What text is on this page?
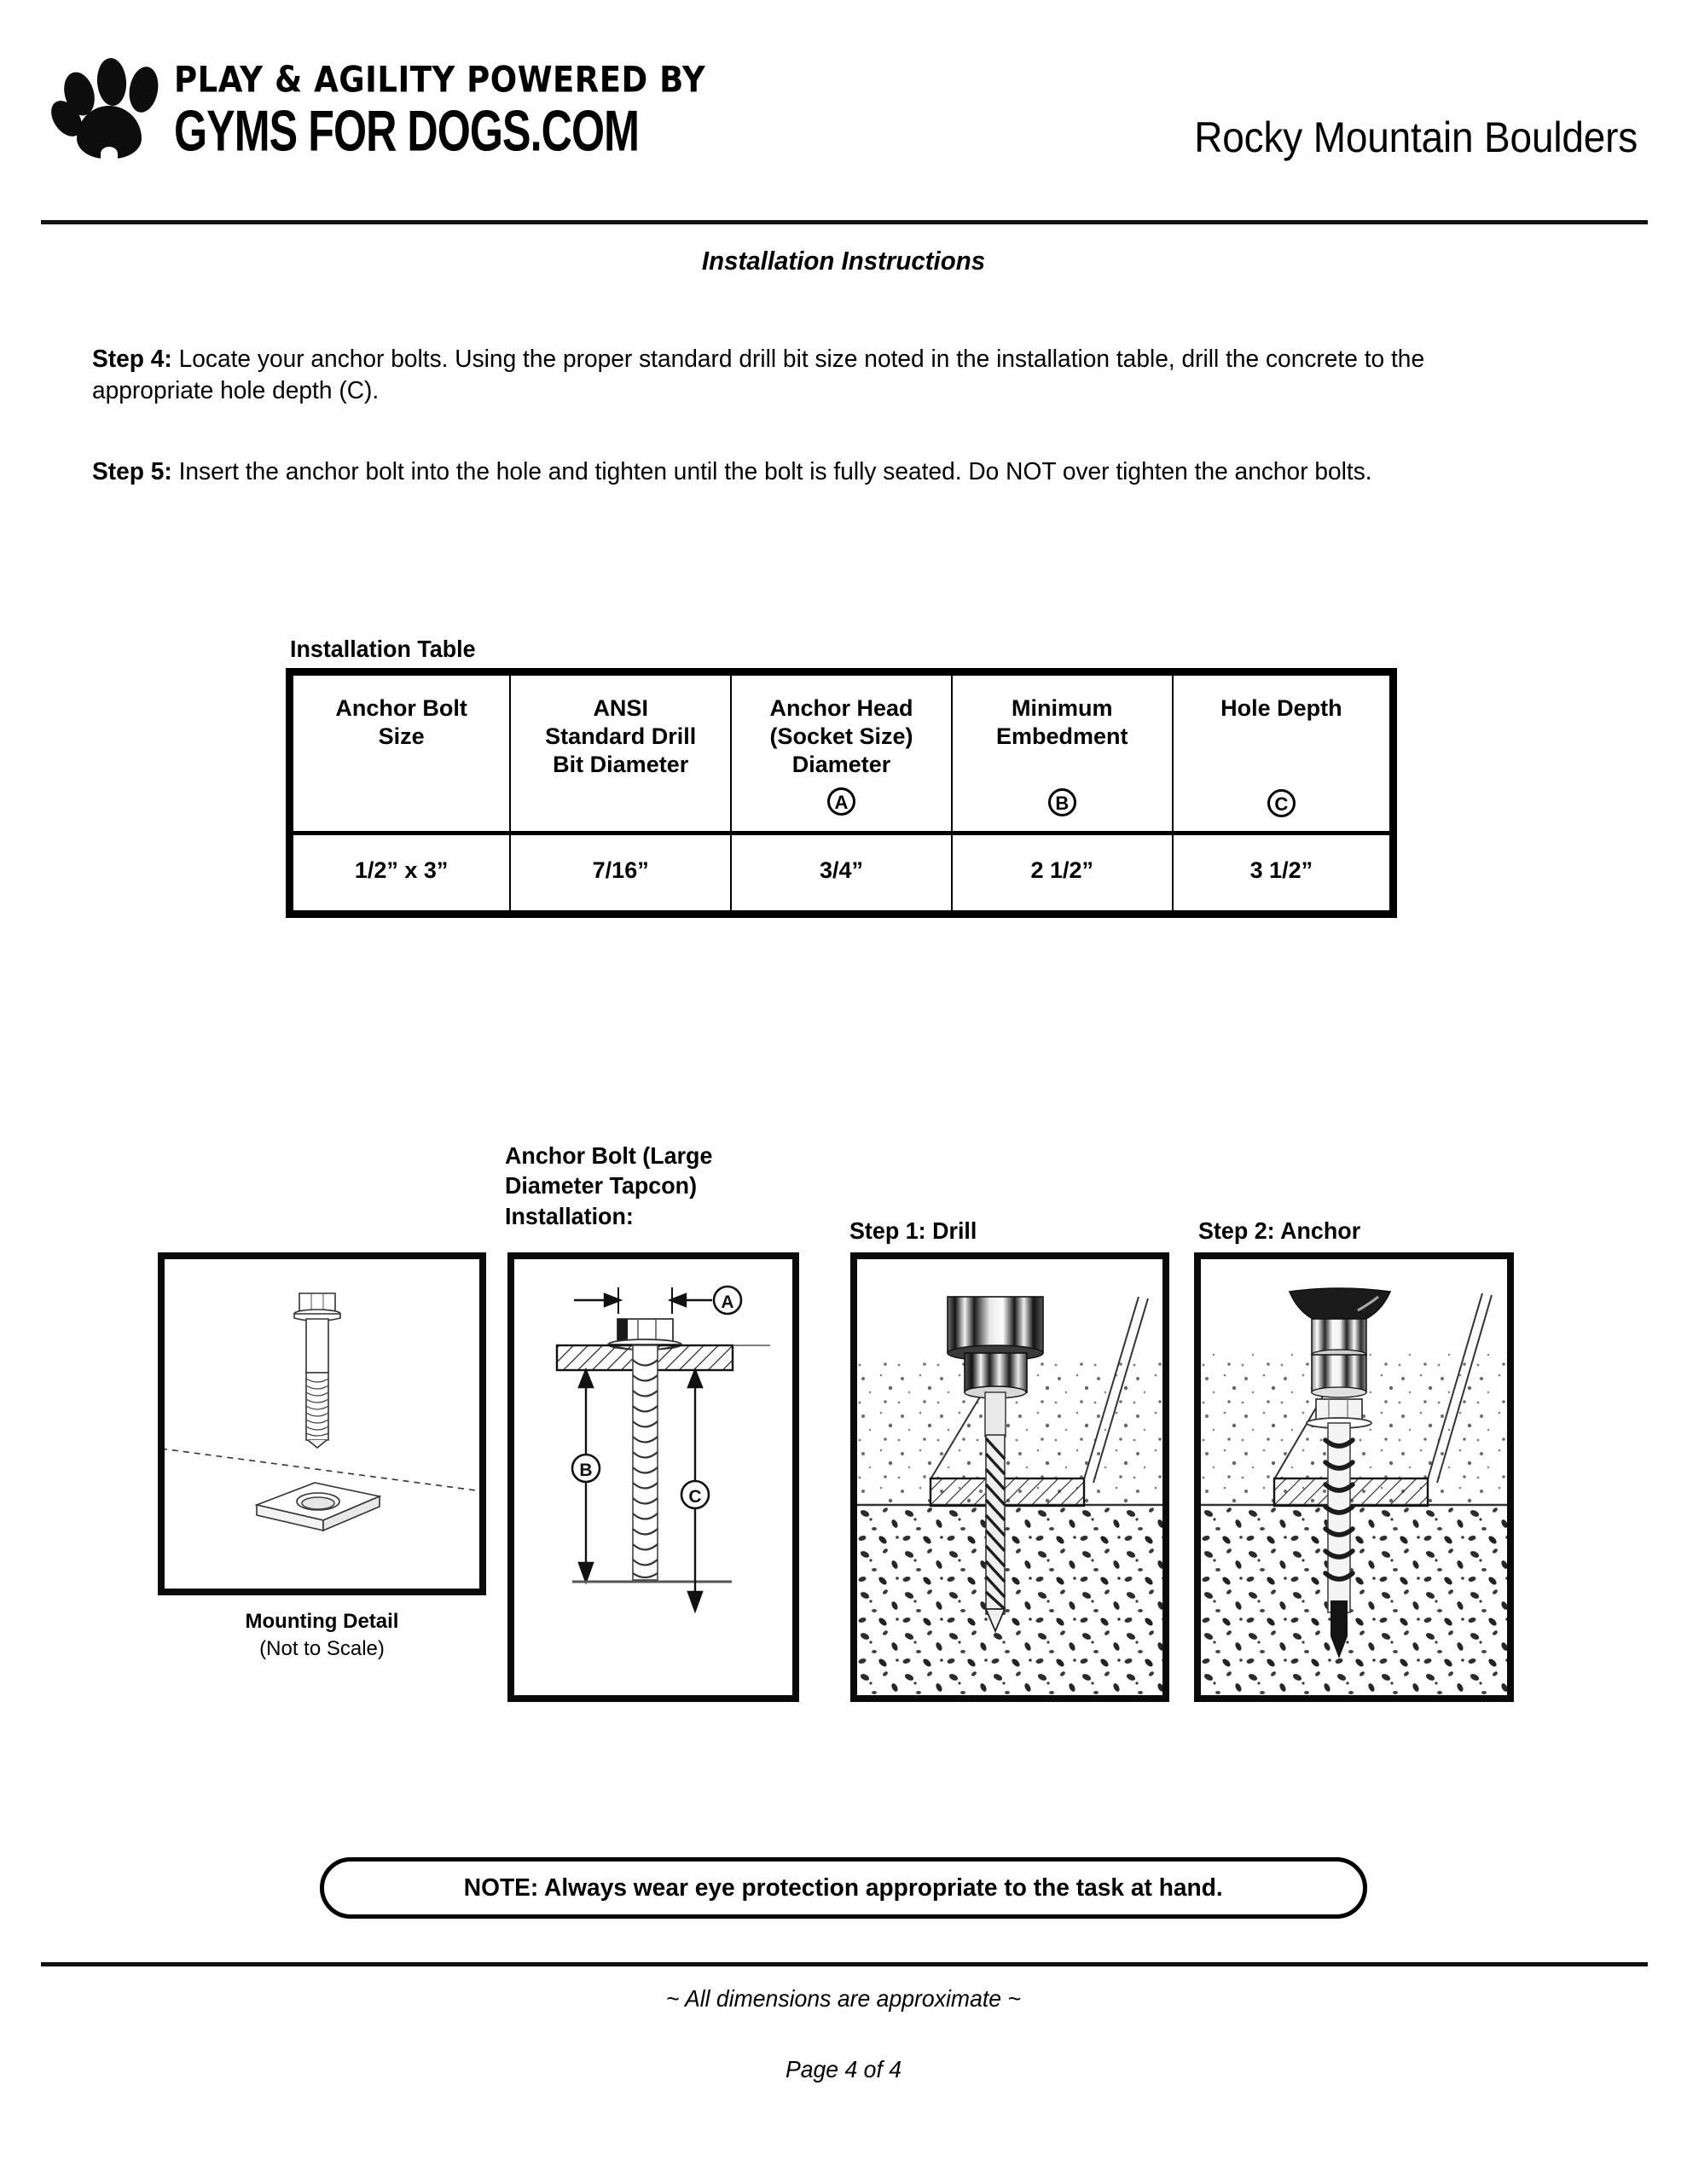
PLAY & AGILITY POWERED BY
GYMS FOR DOGS.COM	Rocky Mountain Boulders
Installation Instructions

Step 4: Locate your anchor bolts. Using the proper standard drill bit size noted in the installation table, drill the concrete to the appropriate hole depth (C).

Step 5: Insert the anchor bolt into the hole and tighten until the bolt is fully seated. Do NOT over tighten the anchor bolts.

Installation Table
Anchor Bolt
Size	ANSI
Standard Drill
Bit Diameter	Anchor Head
(Socket Size)
Diameter
A	Minimum
Embedment
B	Hole Depth
C
1/2” x 3”	7/16”	3/4”	2 1/2”	3 1/2”
Anchor Bolt (Large Diameter Tapcon) Installation:
Step 1: Drill	Step 2: Anchor
Mounting Detail
(Not to Scale)
A
B
C
NOTE: Always wear eye protection appropriate to the task at hand.
~ All dimensions are approximate ~
Page 4 of 4
